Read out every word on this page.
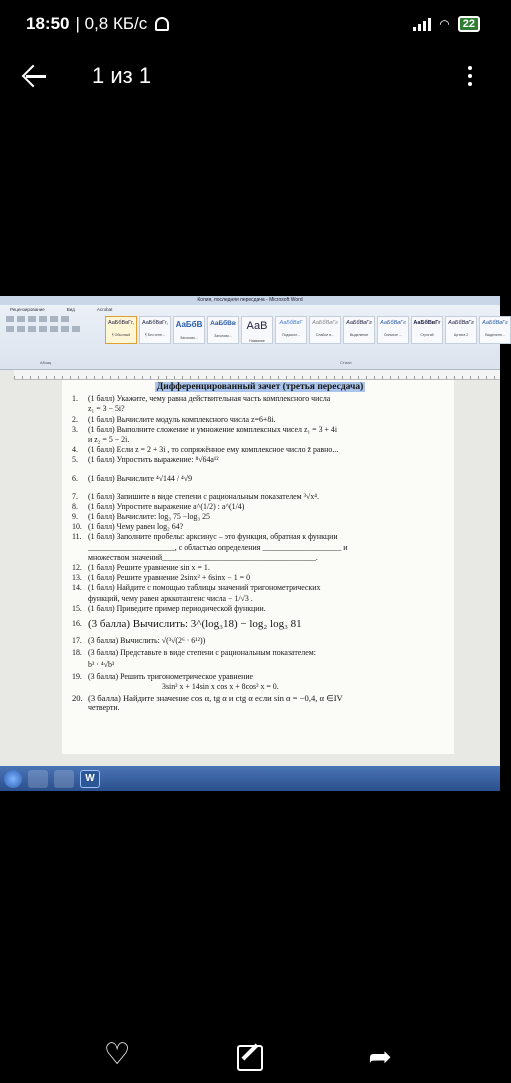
18:50 | 0,8 КБ/с	◠	22
1 из 1
Копия, последняя пересдача - Microsoft Word
Рецензирование	Вид	Acrobat
АаБбВвГг,
¶ Обычный
АаБбВвГг,
¶ Без инте...
АаБбВ
Заголово...
АаБбВв
Заголово...
АаВ
Название
АаБбВвГ
Подзагол...
АаБбВвГг
Слабое в...
АаБбВвГг
Выделение
АаБбВвГг
Сильное ...
АаБбВвГг
Строгий
АаБбВвГг
Цитата 2
АаБбВвГг
Выделенн...
Абзац	Стили
Дифференцированный зачет (третья пересдача)
1.	(1 балл) Укажите, чему равна действительная часть комплексного числа
z₁ = 3 − 5i?
2.	(1 балл) Вычислите модуль комплексного числа z=6+8i.
3.	(1 балл) Выполните сложение и умножение комплексных чисел z₁ = 3 + 4i
и z₂ = 5 − 2i.
4.	(1 балл) Если z = 2 + 3i , то сопряжённое ему комплексное число z̄ равно...
5.	(1 балл) Упростить выражение: ⁸√64a¹²
6.	(1 балл) Вычислите ⁴√144 / ⁴√9
7.	(1 балл) Запишите в виде степени с рациональным показателем ³√x⁴.
8.	(1 балл) Упростите выражение a^(1/2) : a^(1/4)
9.	(1 балл) Вычислите: log₃ 75 −log₃ 25
10. (1 балл) Чему равен log₂ 64?
11. (1 балл) Заполните пробелы: арксинус – это функция, обратная к функции
______________________, с областью определения ____________________ и
множеством значений_______________________________________.
12. (1 балл) Решите уравнение sin x = 1.
13. (1 балл) Решите уравнение 2sinx² + 6sinx − 1 = 0
14. (1 балл) Найдите с помощью таблицы значений тригонометрических
функций, чему равен арккотангенс числа − 1/√3 .
15. (1 балл) Приведите пример периодической функции.
16. (3 балла) Вычислить: 3^(log₃18) − log₂ log₃ 81
17. (3 балла) Вычислить: √(³√(2⁶ · 6¹²))
18. (3 балла) Представьте в виде степени с рациональным показателем:
b³ · ⁴√b³
19. (3 балла) Решить тригонометрическое уравнение
3sin² x + 14sin x cos x + 8cos² x = 0.
20. (3 балла) Найдите значение cos α, tg α и ctg α если sin α = −0,4, α ∈IV
четверти.
W
♡
➦
